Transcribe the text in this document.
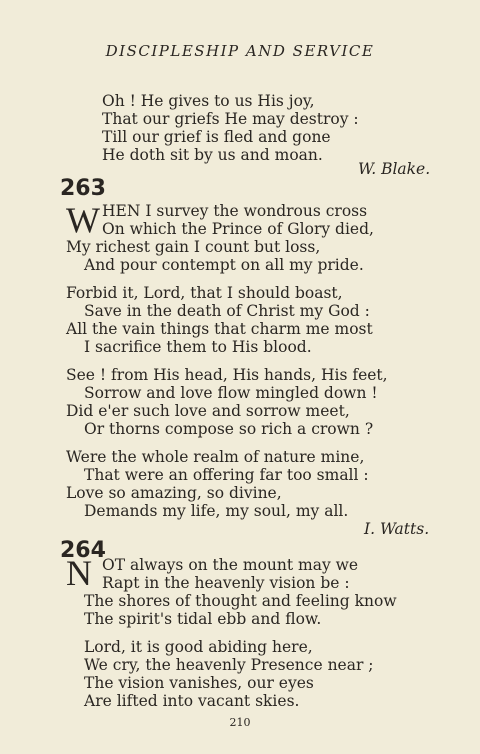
DISCIPLESHIP AND SERVICE
Oh ! He gives to us His joy,
That our griefs He may destroy :
Till our grief is fled and gone
He doth sit by us and moan.
W. Blake.
263
W HEN I survey the wondrous cross
On which the Prince of Glory died,
My richest gain I count but loss,
And pour contempt on all my pride.
Forbid it, Lord, that I should boast,
Save in the death of Christ my God :
All the vain things that charm me most
I sacrifice them to His blood.
See ! from His head, His hands, His feet,
Sorrow and love flow mingled down !
Did e'er such love and sorrow meet,
Or thorns compose so rich a crown ?
Were the whole realm of nature mine,
That were an offering far too small :
Love so amazing, so divine,
Demands my life, my soul, my all.
I. Watts.
264
N OT always on the mount may we
Rapt in the heavenly vision be :
The shores of thought and feeling know
The spirit's tidal ebb and flow.
Lord, it is good abiding here,
We cry, the heavenly Presence near ;
The vision vanishes, our eyes
Are lifted into vacant skies.
210
